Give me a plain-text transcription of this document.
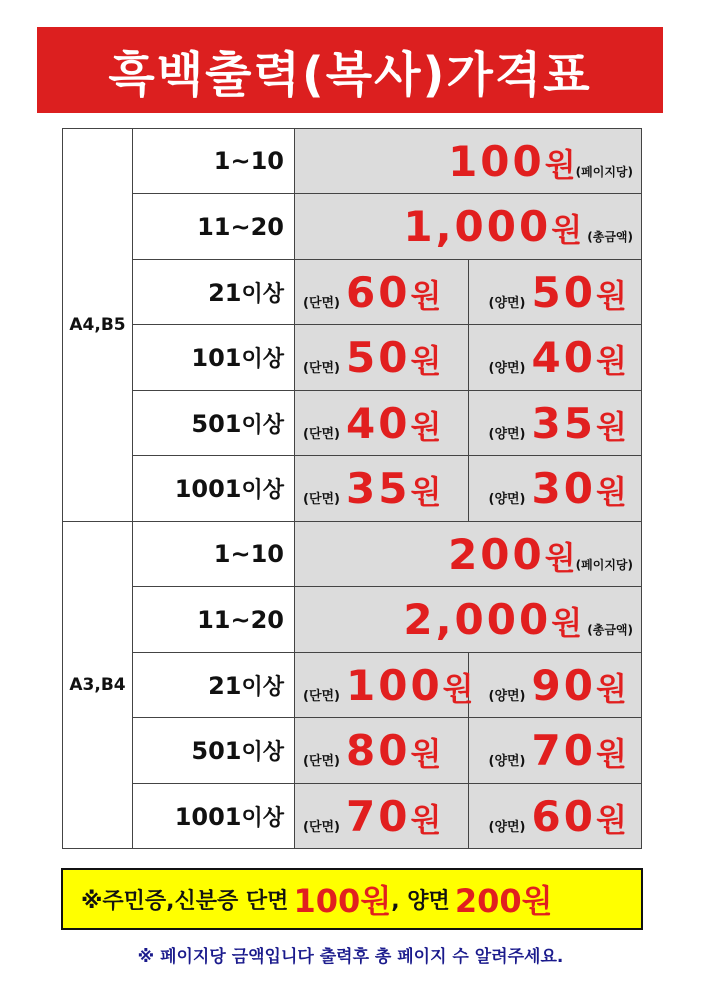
흑백출력(복사)가격표
A4,B5	1~10	100원(페이지당)	
	11~20	1,000원 (총금액)	
	21이상	(단면) 60원	(양면) 50원
	101이상	(단면) 50원	(양면) 40원
	501이상	(단면) 40원	(양면) 35원
	1001이상	(단면) 35원	(양면) 30원
A3,B4	1~10	200원(페이지당)	
	11~20	2,000원 (총금액)	
	21이상	(단면) 100원	(양면) 90원
	501이상	(단면) 80원	(양면) 70원
	1001이상	(단면) 70원	(양면) 60원
※주민증,신분증 단면
100원 , 양면
200원
※ 페이지당 금액입니다 출력후 총 페이지 수 알려주세요.
